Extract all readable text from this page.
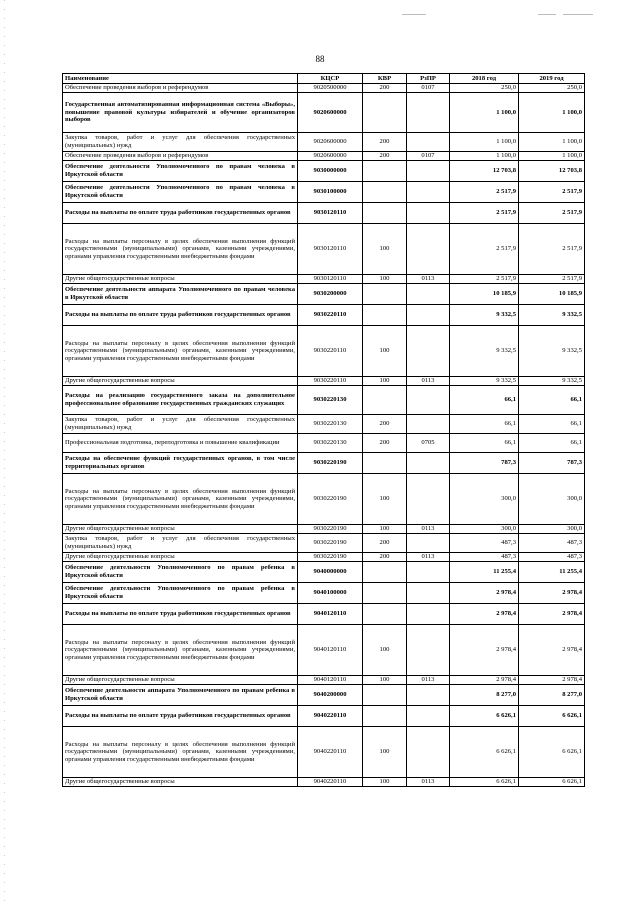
88
Наименование	КЦСР	КВР	РзПР	2018 год	2019 год
Обеспечение проведения выборов и референдумов	9020500000	200	0107	250,0	250,0
Государственная автоматизированная информационная система «Выборы», повышение правовой культуры избирателей и обучение организаторов выборов	9020600000			1 100,0	1 100,0
Закупка товаров, работ и услуг для обеспечения государственных (муниципальных) нужд	9020600000	200		1 100,0	1 100,0
Обеспечение проведения выборов и референдумов	9020600000	200	0107	1 100,0	1 100,0
Обеспечение деятельности Уполномоченного по правам человека в Иркутской области	9030000000			12 703,8	12 703,8
Обеспечение деятельности Уполномоченного по правам человека в Иркутской области	9030100000			2 517,9	2 517,9
Расходы на выплаты по оплате труда работников государственных органов	9030120110			2 517,9	2 517,9
Расходы на выплаты персоналу в целях обеспечения выполнения функций государственными (муниципальными) органами, казенными учреждениями, органами управления государственными внебюджетными фондами	9030120110	100		2 517,9	2 517,9
Другие общегосударственные вопросы	9030120110	100	0113	2 517,9	2 517,9
Обеспечение деятельности аппарата Уполномоченного по правам человека в Иркутской области	9030200000			10 185,9	10 185,9
Расходы на выплаты по оплате труда работников государственных органов	9030220110			9 332,5	9 332,5
Расходы на выплаты персоналу в целях обеспечения выполнения функций государственными (муниципальными) органами, казенными учреждениями, органами управления государственными внебюджетными фондами	9030220110	100		9 332,5	9 332,5
Другие общегосударственные вопросы	9030220110	100	0113	9 332,5	9 332,5
Расходы на реализацию государственного заказа на дополнительное профессиональное образование государственных гражданских служащих	9030220130			66,1	66,1
Закупка товаров, работ и услуг для обеспечения государственных (муниципальных) нужд	9030220130	200		66,1	66,1
Профессиональная подготовка, переподготовка и повышение квалификации	9030220130	200	0705	66,1	66,1
Расходы на обеспечение функций государственных органов, в том числе территориальных органов	9030220190			787,3	787,3
Расходы на выплаты персоналу в целях обеспечения выполнения функций государственными (муниципальными) органами, казенными учреждениями, органами управления государственными внебюджетными фондами	9030220190	100		300,0	300,0
Другие общегосударственные вопросы	9030220190	100	0113	300,0	300,0
Закупка товаров, работ и услуг для обеспечения государственных (муниципальных) нужд	9030220190	200		487,3	487,3
Другие общегосударственные вопросы	9030220190	200	0113	487,3	487,3
Обеспечение деятельности Уполномоченного по правам ребенка в Иркутской области	9040000000			11 255,4	11 255,4
Обеспечение деятельности Уполномоченного по правам ребенка в Иркутской области	9040100000			2 978,4	2 978,4
Расходы на выплаты по оплате труда работников государственных органов	9040120110			2 978,4	2 978,4
Расходы на выплаты персоналу в целях обеспечения выполнения функций государственными (муниципальными) органами, казенными учреждениями, органами управления государственными внебюджетными фондами	9040120110	100		2 978,4	2 978,4
Другие общегосударственные вопросы	9040120110	100	0113	2 978,4	2 978,4
Обеспечение деятельности аппарата Уполномоченного по правам ребенка в Иркутской области	9040200000			8 277,0	8 277,0
Расходы на выплаты по оплате труда работников государственных органов	9040220110			6 626,1	6 626,1
Расходы на выплаты персоналу в целях обеспечения выполнения функций государственными (муниципальными) органами, казенными учреждениями, органами управления государственными внебюджетными фондами	9040220110	100		6 626,1	6 626,1
Другие общегосударственные вопросы	9040220110	100	0113	6 626,1	6 626,1
